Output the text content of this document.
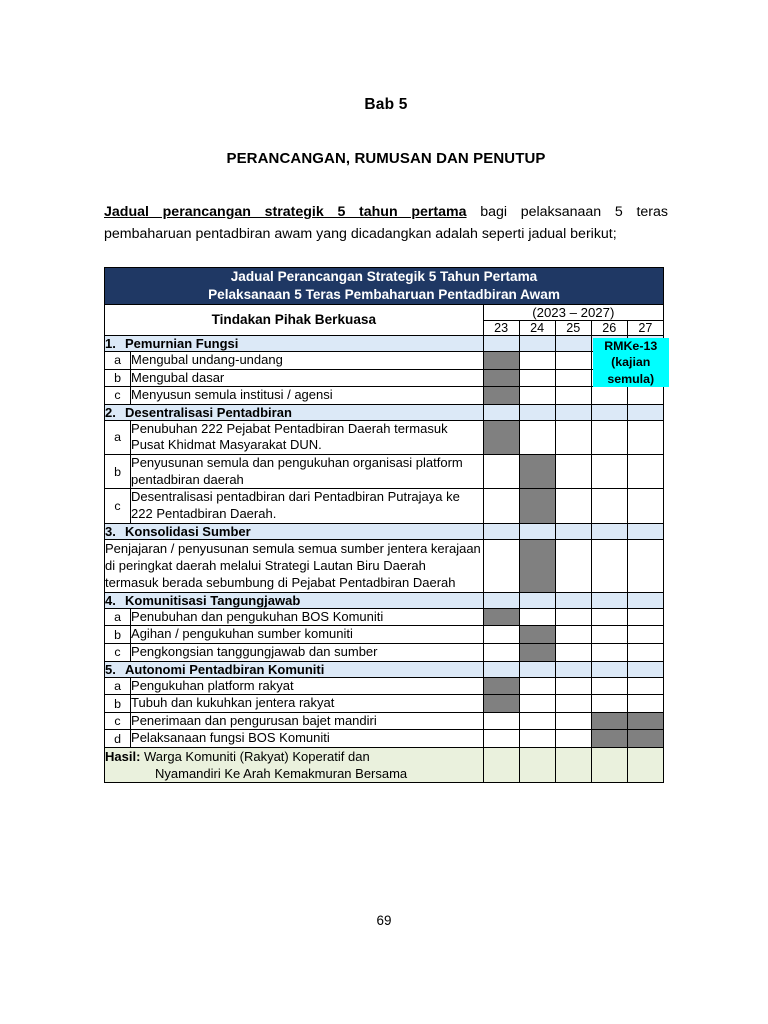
Bab 5
PERANCANGAN, RUMUSAN DAN PENUTUP

Jadual perancangan strategik 5 tahun pertama bagi pelaksanaan 5 teras pembaharuan pentadbiran awam yang dicadangkan adalah seperti jadual berikut;

Jadual Perancangan Strategik 5 Tahun Pertama
Pelaksanaan 5 Teras Pembaharuan Pentadbiran Awam						

Tindakan Pihak Berkuasa		(2023 – 2027)				
		23	24	25	26	27
1. Pemurnian Fungsi					RMKe-13 (kajian semula)	

a	Mengubal undang-undang					
b	Mengubal dasar					
c	Menyusun semula institusi / agensi					
2. Desentralisasi Pentadbiran						
a	Penubuhan 222 Pejabat Pentadbiran Daerah termasuk Pusat Khidmat Masyarakat DUN.					
b	Penyusunan semula dan pengukuhan organisasi platform pentadbiran daerah					
c	Desentralisasi pentadbiran dari Pentadbiran Putrajaya ke 222 Pentadbiran Daerah.					
3. Konsolidasi Sumber						
Penjajaran / penyusunan semula semua sumber jentera kerajaan di peringkat daerah melalui Strategi Lautan Biru Daerah termasuk berada sebumbung di Pejabat Pentadbiran Daerah						
4. Komunitisasi Tangungjawab						
a	Penubuhan dan pengukuhan BOS Komuniti					
b	Agihan / pengukuhan sumber komuniti					
c	Pengkongsian tanggungjawab dan sumber					
5. Autonomi Pentadbiran Komuniti						
a	Pengukuhan platform rakyat					
b	Tubuh dan kukuhkan jentera rakyat					
c	Penerimaan dan pengurusan bajet mandiri					
d	Pelaksanaan fungsi BOS Komuniti					
Hasil: Warga Komuniti (Rakyat) Koperatif dan
Nyamandiri Ke Arah Kemakmuran Bersama						
69
